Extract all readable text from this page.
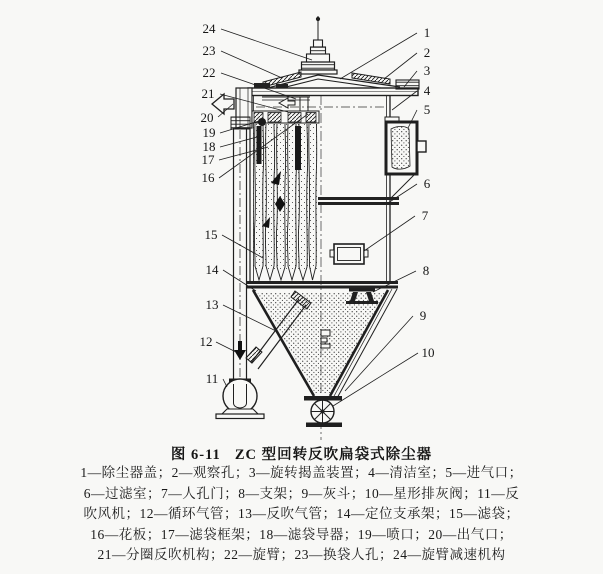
24
23
22
21
20
19
18
17
16
15
14
13
12
11
1
2
3
4
5
6
7
8
9
10
图 6-11 ZC 型回转反吹扁袋式除尘器
1—除尘器盖；2—观察孔；3—旋转揭盖装置；4—清洁室；5—进气口；
6—过滤室；7—人孔门；8—支架；9—灰斗；10—星形排灰阀；11—反
吹风机；12—循环气管；13—反吹气管；14—定位支承架；15—滤袋；
16—花板；17—滤袋框架；18—滤袋导器；19—喷口；20—出气口；
21—分圈反吹机构；22—旋臂；23—换袋人孔；24—旋臂减速机构
